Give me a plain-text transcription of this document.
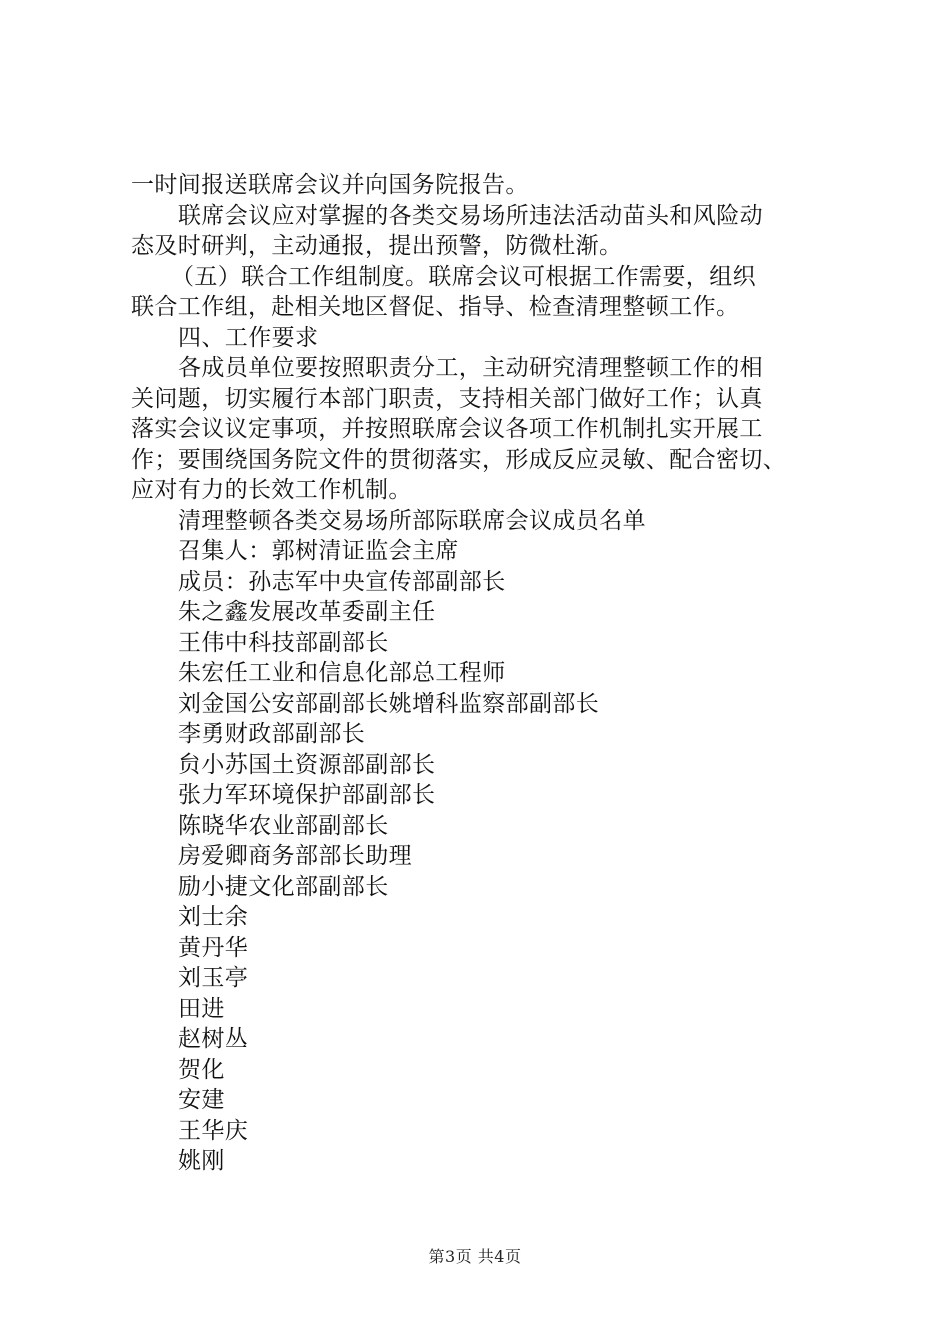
一时间报送联席会议并向国务院报告。
联席会议应对掌握的各类交易场所违法活动苗头和风险动
态及时研判，主动通报，提出预警，防微杜渐。
（五）联合工作组制度。联席会议可根据工作需要，组织
联合工作组，赴相关地区督促、指导、检查清理整顿工作。
四、工作要求
各成员单位要按照职责分工，主动研究清理整顿工作的相
关问题，切实履行本部门职责，支持相关部门做好工作；认真
落实会议议定事项，并按照联席会议各项工作机制扎实开展工
作；要围绕国务院文件的贯彻落实，形成反应灵敏、配合密切、
应对有力的长效工作机制。
清理整顿各类交易场所部际联席会议成员名单
召集人：郭树清证监会主席
成员：孙志军中央宣传部副部长
朱之鑫发展改革委副主任
王伟中科技部副部长
朱宏任工业和信息化部总工程师
刘金国公安部副部长姚增科监察部副部长
李勇财政部副部长
贠小苏国土资源部副部长
张力军环境保护部副部长
陈晓华农业部副部长
房爱卿商务部部长助理
励小捷文化部副部长
刘士余
黄丹华
刘玉亭
田进
赵树丛
贺化
安建
王华庆
姚刚
第3页 共4页
